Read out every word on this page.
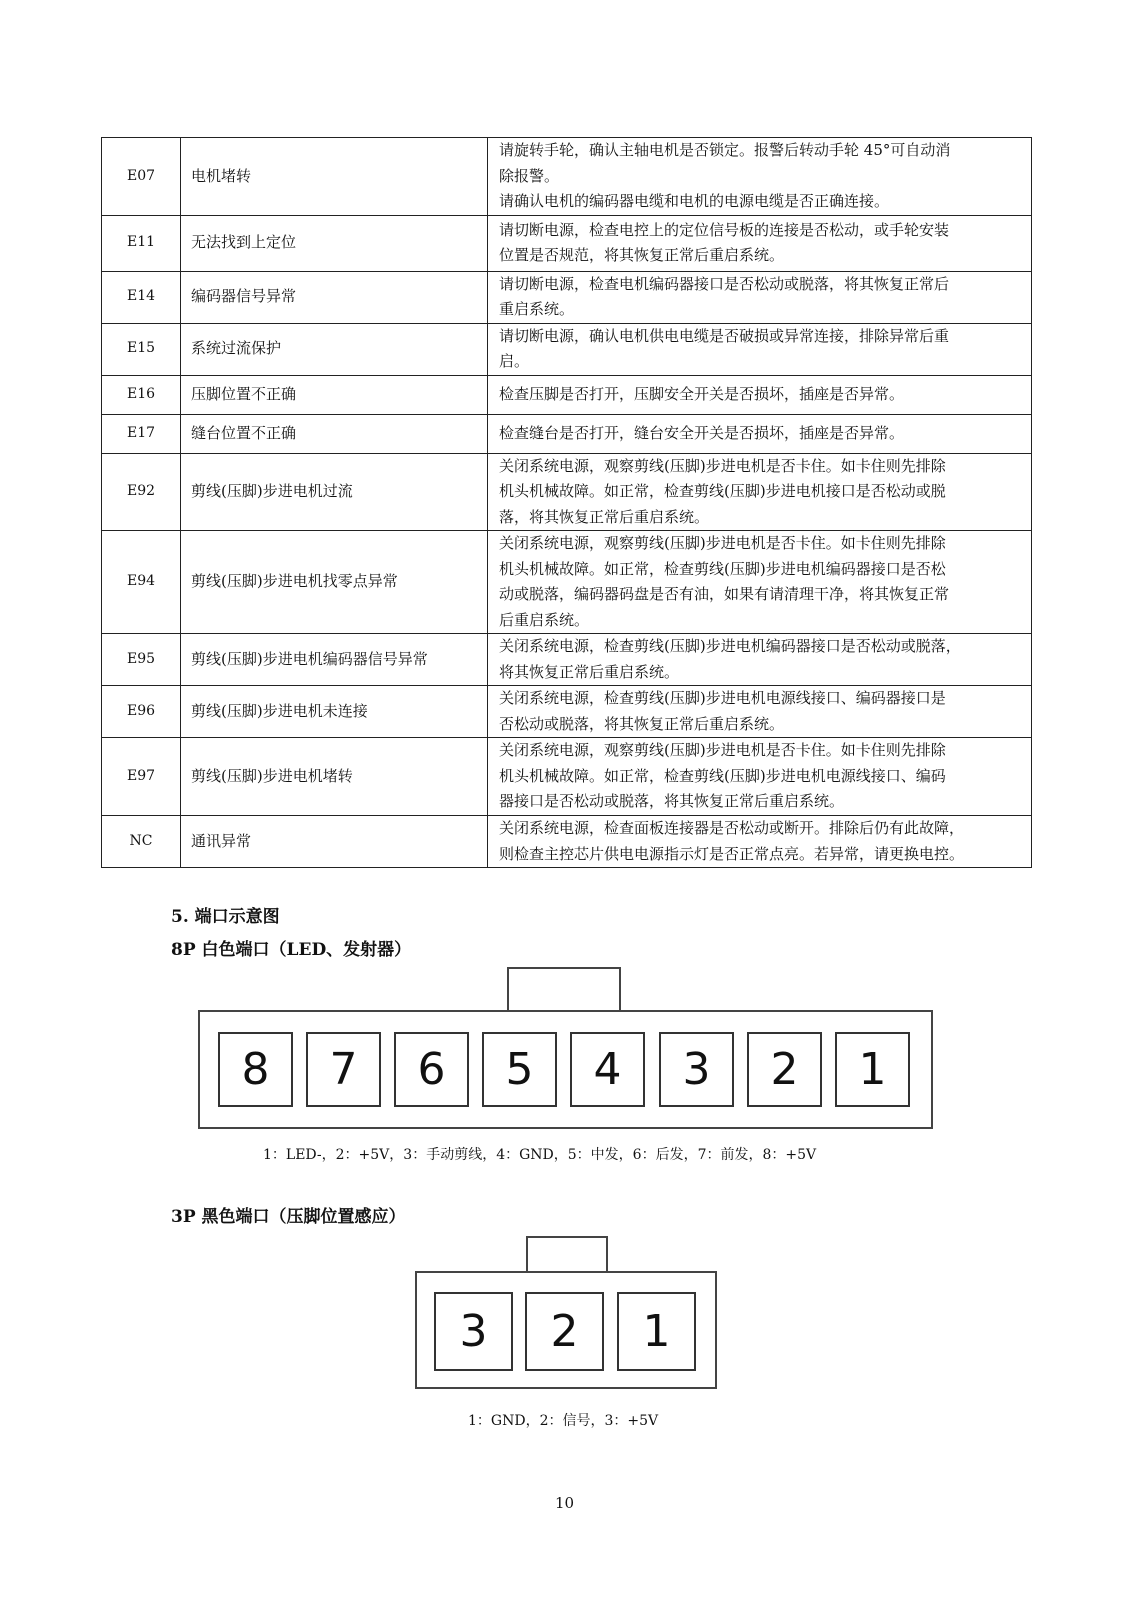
E07	电机堵转	请旋转手轮，确认主轴电机是否锁定。报警后转动手轮 45°可自动消
除报警。
请确认电机的编码器电缆和电机的电源电缆是否正确连接。

E11	无法找到上定位	请切断电源，检查电控上的定位信号板的连接是否松动，或手轮安装
位置是否规范，将其恢复正常后重启系统。

E14	编码器信号异常	请切断电源，检查电机编码器接口是否松动或脱落，将其恢复正常后
重启系统。

E15	系统过流保护	请切断电源，确认电机供电电缆是否破损或异常连接，排除异常后重
启。

E16	压脚位置不正确	检查压脚是否打开，压脚安全开关是否损坏，插座是否异常。

E17	缝台位置不正确	检查缝台是否打开，缝台安全开关是否损坏，插座是否异常。

E92	剪线(压脚)步进电机过流	关闭系统电源，观察剪线(压脚)步进电机是否卡住。如卡住则先排除
机头机械故障。如正常，检查剪线(压脚)步进电机接口是否松动或脱
落，将其恢复正常后重启系统。

E94	剪线(压脚)步进电机找零点异常	关闭系统电源，观察剪线(压脚)步进电机是否卡住。如卡住则先排除
机头机械故障。如正常，检查剪线(压脚)步进电机编码器接口是否松
动或脱落，编码器码盘是否有油，如果有请清理干净，将其恢复正常
后重启系统。

E95	剪线(压脚)步进电机编码器信号异常	关闭系统电源，检查剪线(压脚)步进电机编码器接口是否松动或脱落，
将其恢复正常后重启系统。

E96	剪线(压脚)步进电机未连接	关闭系统电源，检查剪线(压脚)步进电机电源线接口、编码器接口是
否松动或脱落，将其恢复正常后重启系统。

E97	剪线(压脚)步进电机堵转	关闭系统电源，观察剪线(压脚)步进电机是否卡住。如卡住则先排除
机头机械故障。如正常，检查剪线(压脚)步进电机电源线接口、编码
器接口是否松动或脱落，将其恢复正常后重启系统。

NC	通讯异常	关闭系统电源，检查面板连接器是否松动或断开。排除后仍有此故障，
则检查主控芯片供电电源指示灯是否正常点亮。若异常，请更换电控。
5. 端口示意图
8P 白色端口（LED、发射器）
8	7	6	5	4	3	2	1
1：LED-，2：+5V，3：手动剪线，4：GND，5：中发，6：后发，7：前发，8：+5V
3P 黑色端口（压脚位置感应）
3	2	1
1：GND，2：信号，3：+5V
10
